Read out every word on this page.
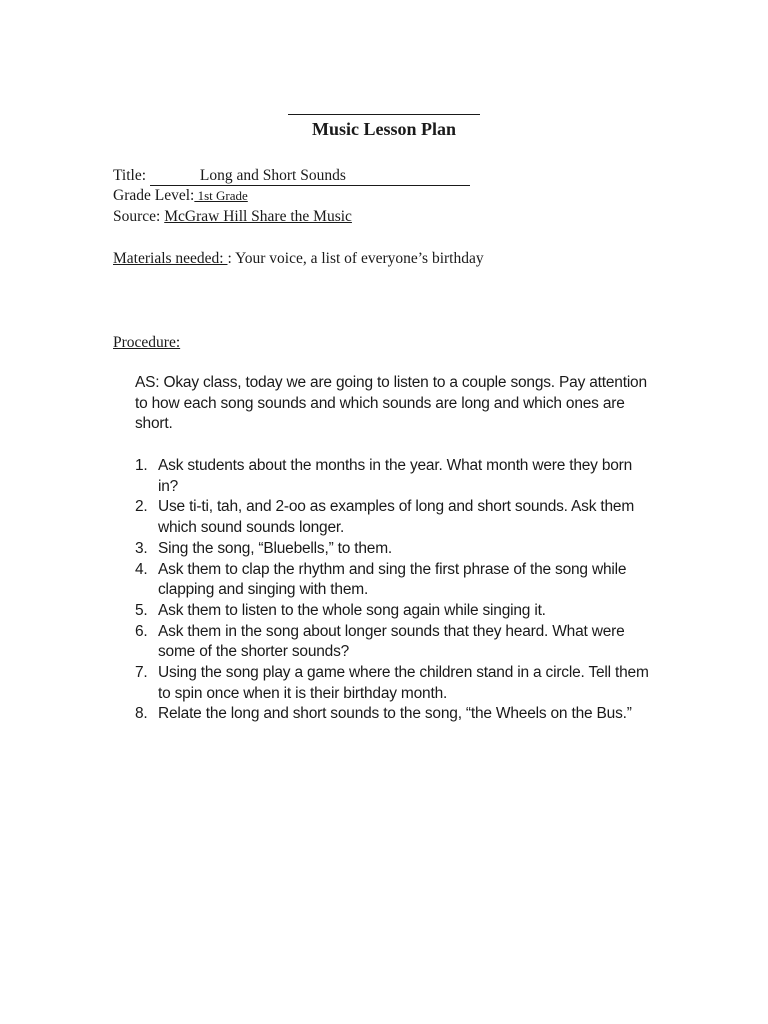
Music Lesson Plan
Title:	Long and Short Sounds
Grade Level: 1st Grade
Source: McGraw Hill Share the Music
Materials needed: : Your voice, a list of everyone’s birthday
Procedure:

AS: Okay class, today we are going to listen to a couple songs. Pay attention to how each song sounds and which sounds are long and which ones are short.

1. Ask students about the months in the year. What month were they born in?
2. Use ti-ti, tah, and 2-oo as examples of long and short sounds. Ask them which sound sounds longer.
3. Sing the song, “Bluebells,” to them.
4. Ask them to clap the rhythm and sing the first phrase of the song while clapping and singing with them.
5. Ask them to listen to the whole song again while singing it.
6. Ask them in the song about longer sounds that they heard. What were some of the shorter sounds?
7. Using the song play a game where the children stand in a circle. Tell them to spin once when it is their birthday month.
8. Relate the long and short sounds to the song, “the Wheels on the Bus.”
